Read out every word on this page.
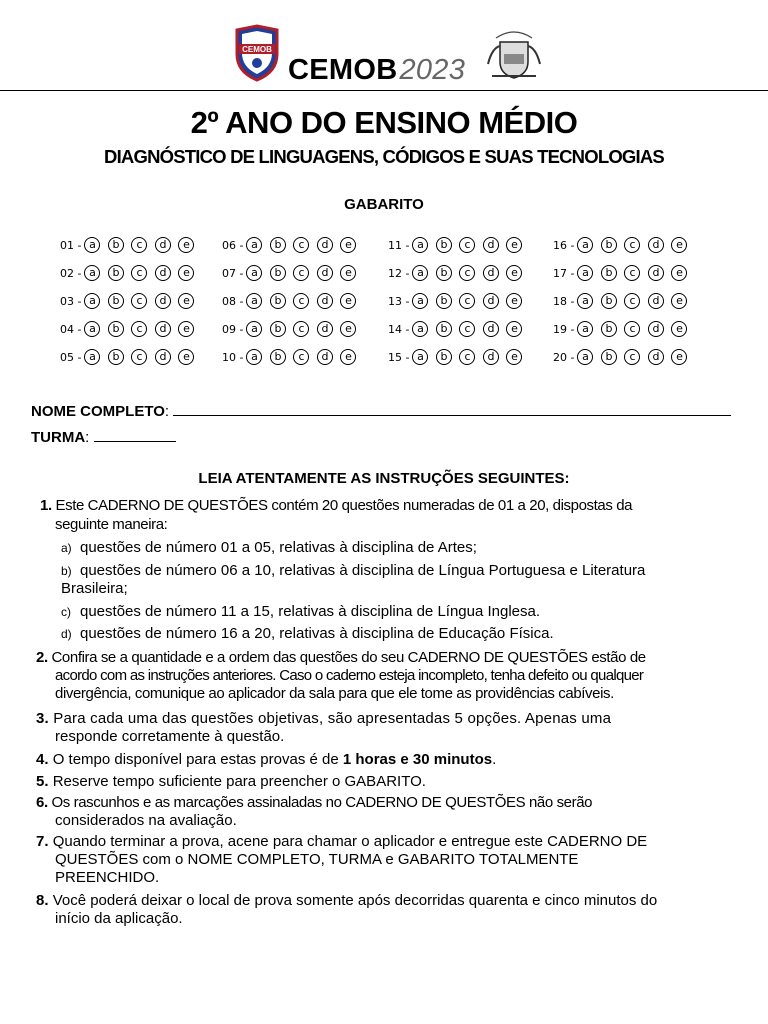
CEMOB
CEMOB2023
2º ANO DO ENSINO MÉDIO
DIAGNÓSTICO DE LINGUAGENS, CÓDIGOS E SUAS TECNOLOGIAS
GABARITO
01 - a	b	c	d	e
02 - a	b	c	d	e
03 - a	b	c	d	e
04 - a	b	c	d	e
05 - a	b	c	d	e
06 - a	b	c	d	e
07 - a	b	c	d	e
08 - a	b	c	d	e
09 - a	b	c	d	e
10 - a	b	c	d	e
11 - a	b	c	d	e
12 - a	b	c	d	e
13 - a	b	c	d	e
14 - a	b	c	d	e
15 - a	b	c	d	e
16 - a	b	c	d	e
17 - a	b	c	d	e
18 - a	b	c	d	e
19 - a	b	c	d	e
20 - a	b	c	d	e
NOME COMPLETO:
TURMA:
LEIA ATENTAMENTE AS INSTRUÇÕES SEGUINTES:
1. Este CADERNO DE QUESTÕES contém 20 questões numeradas de 01 a 20, dispostas da
seguinte maneira:
a) questões de número 01 a 05, relativas à disciplina de Artes;
b) questões de número 06 a 10, relativas à disciplina de Língua Portuguesa e Literatura
Brasileira;
c) questões de número 11 a 15, relativas à disciplina de Língua Inglesa.
d) questões de número 16 a 20, relativas à disciplina de Educação Física.
2. Confira se a quantidade e a ordem das questões do seu CADERNO DE QUESTÕES estão de
acordo com as instruções anteriores. Caso o caderno esteja incompleto, tenha defeito ou qualquer
divergência, comunique ao aplicador da sala para que ele tome as providências cabíveis.
3. Para cada uma das questões objetivas, são apresentadas 5 opções. Apenas uma
responde corretamente à questão.
4. O tempo disponível para estas provas é de 1 horas e 30 minutos.
5. Reserve tempo suficiente para preencher o GABARITO.
6. Os rascunhos e as marcações assinaladas no CADERNO DE QUESTÕES não serão
considerados na avaliação.
7. Quando terminar a prova, acene para chamar o aplicador e entregue este CADERNO DE
QUESTÕES com o NOME COMPLETO, TURMA e GABARITO TOTALMENTE
PREENCHIDO.
8. Você poderá deixar o local de prova somente após decorridas quarenta e cinco minutos do
início da aplicação.
